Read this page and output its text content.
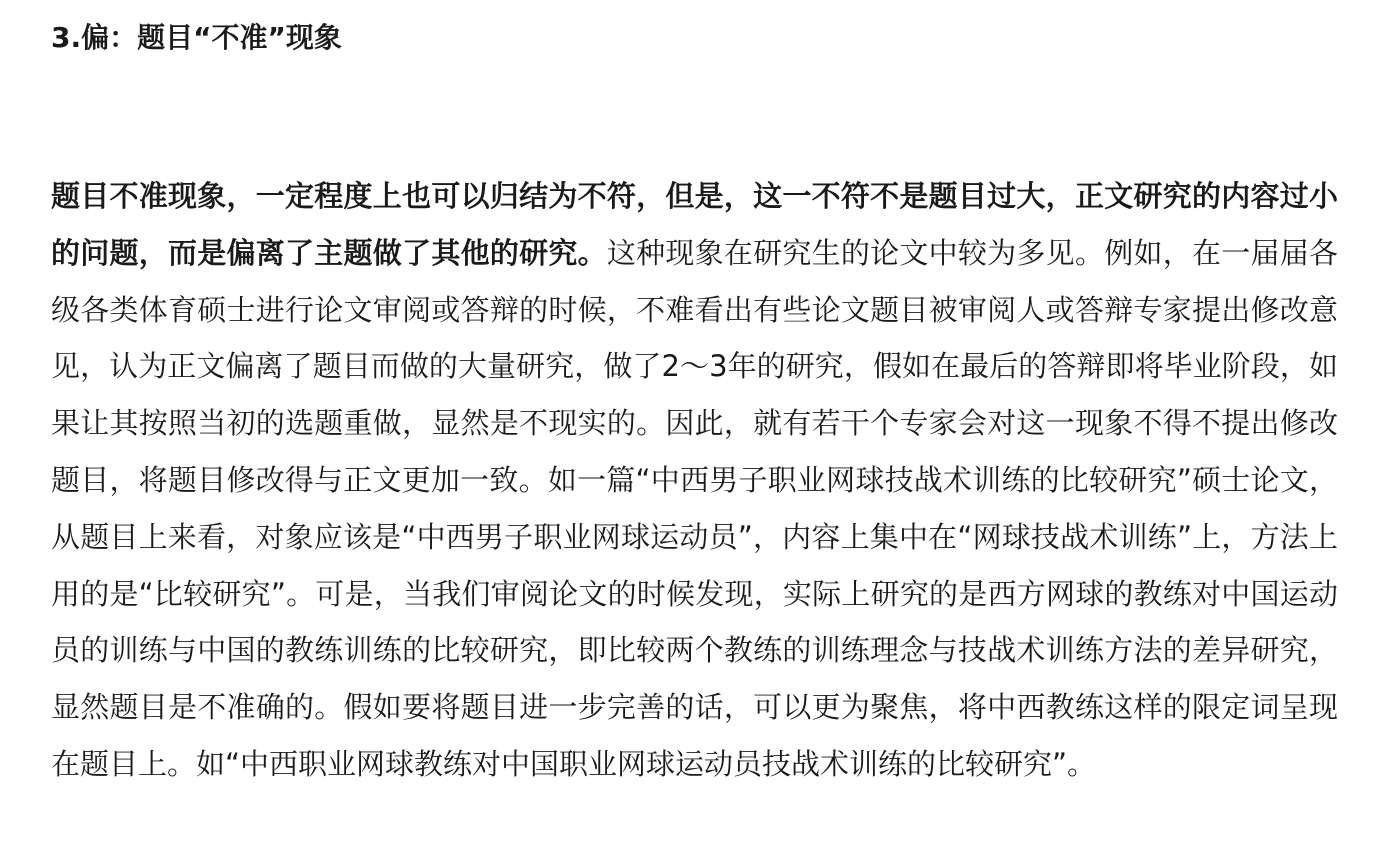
3.偏：题目“不准”现象

题目不准现象，一定程度上也可以归结为不符，但是，这一不符不是题目过大，正文研究的内容过小的问题，而是偏离了主题做了其他的研究。这种现象在研究生的论文中较为多见。例如，在一届届各级各类体育硕士进行论文审阅或答辩的时候，不难看出有些论文题目被审阅人或答辩专家提出修改意见，认为正文偏离了题目而做的大量研究，做了2～3年的研究，假如在最后的答辩即将毕业阶段，如果让其按照当初的选题重做，显然是不现实的。因此，就有若干个专家会对这一现象不得不提出修改题目，将题目修改得与正文更加一致。如一篇“中西男子职业网球技战术训练的比较研究”硕士论文，从题目上来看，对象应该是“中西男子职业网球运动员”，内容上集中在“网球技战术训练”上，方法上用的是“比较研究”。可是，当我们审阅论文的时候发现，实际上研究的是西方网球的教练对中国运动员的训练与中国的教练训练的比较研究，即比较两个教练的训练理念与技战术训练方法的差异研究，显然题目是不准确的。假如要将题目进一步完善的话，可以更为聚焦，将中西教练这样的限定词呈现在题目上。如“中西职业网球教练对中国职业网球运动员技战术训练的比较研究”。
